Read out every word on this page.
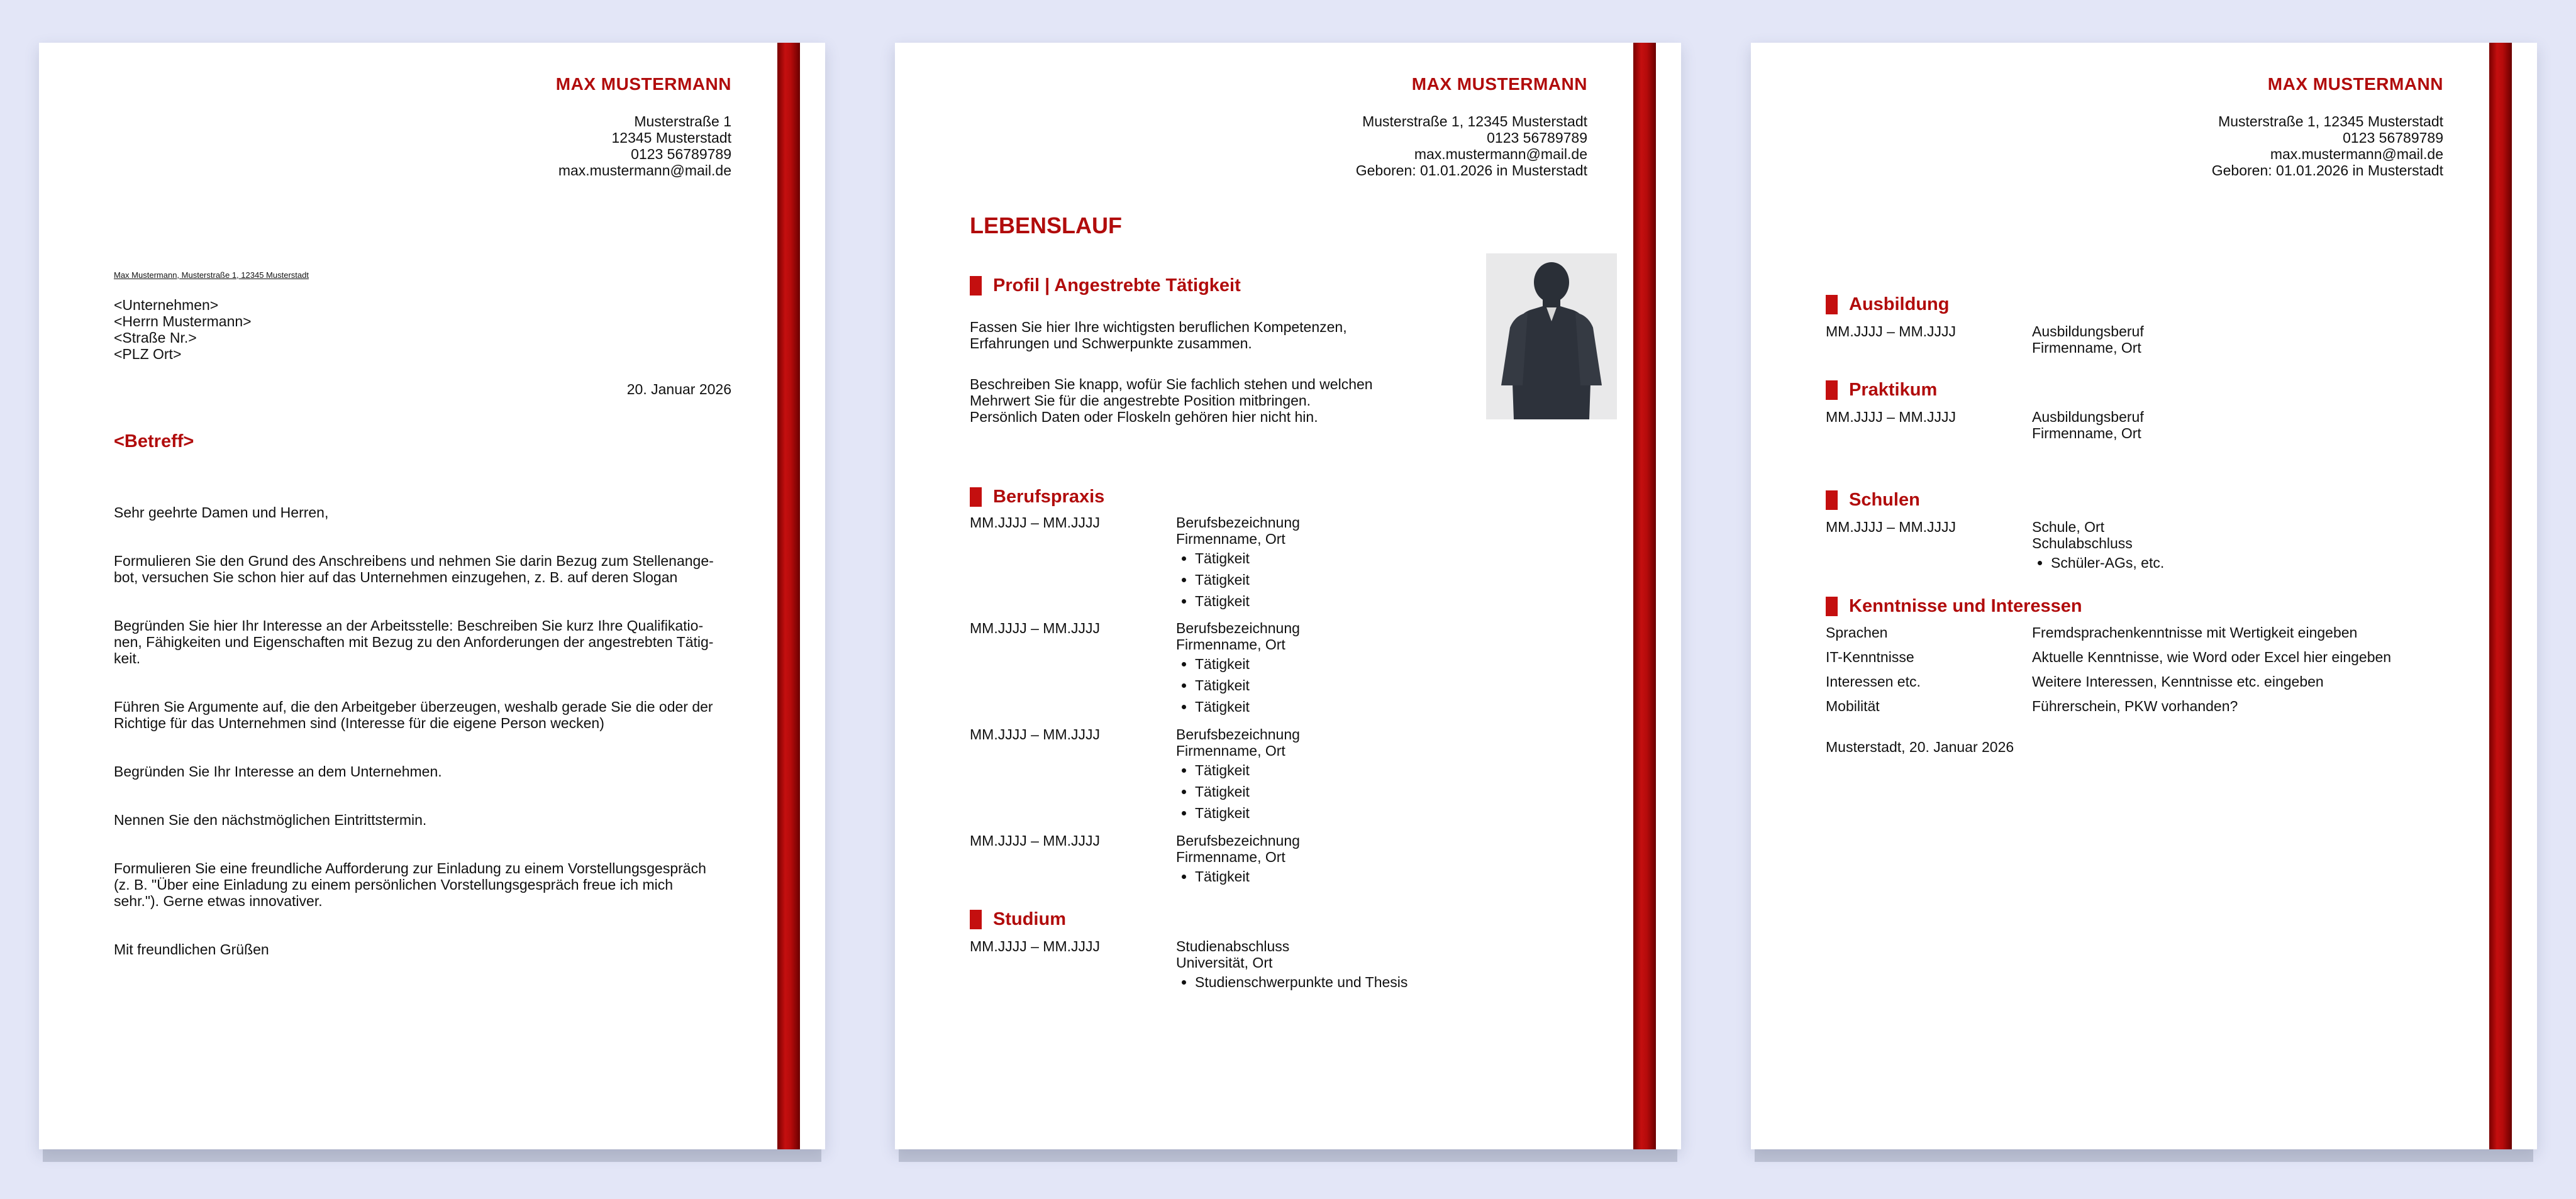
MAX MUSTERMANN
Musterstraße 1
12345 Musterstadt
0123 56789789
max.mustermann@mail.de
Max Mustermann, Musterstraße 1, 12345 Musterstadt
<Unternehmen>
<Herrn Mustermann>
<Straße Nr.>
<PLZ Ort>
20. Januar 2026
<Betreff>

Sehr geehrte Damen und Herren,

Formulieren Sie den Grund des Anschreibens und nehmen Sie darin Bezug zum Stellenange-
bot, versuchen Sie schon hier auf das Unternehmen einzugehen, z. B. auf deren Slogan

Begründen Sie hier Ihr Interesse an der Arbeitsstelle: Beschreiben Sie kurz Ihre Qualifikatio-
nen, Fähigkeiten und Eigenschaften mit Bezug zu den Anforderungen der angestrebten Tätig-
keit.

Führen Sie Argumente auf, die den Arbeitgeber überzeugen, weshalb gerade Sie die oder der
Richtige für das Unternehmen sind (Interesse für die eigene Person wecken)

Begründen Sie Ihr Interesse an dem Unternehmen.

Nennen Sie den nächstmöglichen Eintrittstermin.

Formulieren Sie eine freundliche Aufforderung zur Einladung zu einem Vorstellungsgespräch
(z. B. "Über eine Einladung zu einem persönlichen Vorstellungsgespräch freue ich mich
sehr."). Gerne etwas innovativer.

Mit freundlichen Grüßen

MAX MUSTERMANN
Musterstraße 1, 12345 Musterstadt
0123 56789789
max.mustermann@mail.de
Geboren: 01.01.2026 in Musterstadt
LEBENSLAUF
Profil | Angestrebte Tätigkeit

Fassen Sie hier Ihre wichtigsten beruflichen Kompetenzen,
Erfahrungen und Schwerpunkte zusammen.

Beschreiben Sie knapp, wofür Sie fachlich stehen und welchen
Mehrwert Sie für die angestrebte Position mitbringen.
Persönlich Daten oder Floskeln gehören hier nicht hin.

Berufspraxis
MM.JJJJ – MM.JJJJ	Berufsbezeichnung
Firmenname, Ort
• Tätigkeit
• Tätigkeit
• Tätigkeit
MM.JJJJ – MM.JJJJ	Berufsbezeichnung
Firmenname, Ort
• Tätigkeit
• Tätigkeit
• Tätigkeit
MM.JJJJ – MM.JJJJ	Berufsbezeichnung
Firmenname, Ort
• Tätigkeit
• Tätigkeit
• Tätigkeit
MM.JJJJ – MM.JJJJ	Berufsbezeichnung
Firmenname, Ort
• Tätigkeit
Studium
MM.JJJJ – MM.JJJJ	Studienabschluss
Universität, Ort
• Studienschwerpunkte und Thesis
MAX MUSTERMANN
Musterstraße 1, 12345 Musterstadt
0123 56789789
max.mustermann@mail.de
Geboren: 01.01.2026 in Musterstadt
Ausbildung
MM.JJJJ – MM.JJJJ	Ausbildungsberuf
Firmenname, Ort
Praktikum
MM.JJJJ – MM.JJJJ	Ausbildungsberuf
Firmenname, Ort
Schulen
MM.JJJJ – MM.JJJJ	Schule, Ort
Schulabschluss
• Schüler-AGs, etc.
Kenntnisse und Interessen
Sprachen	Fremdsprachenkenntnisse mit Wertigkeit eingeben
IT-Kenntnisse	Aktuelle Kenntnisse, wie Word oder Excel hier eingeben
Interessen etc.	Weitere Interessen, Kenntnisse etc. eingeben
Mobilität	Führerschein, PKW vorhanden?
Musterstadt, 20. Januar 2026
